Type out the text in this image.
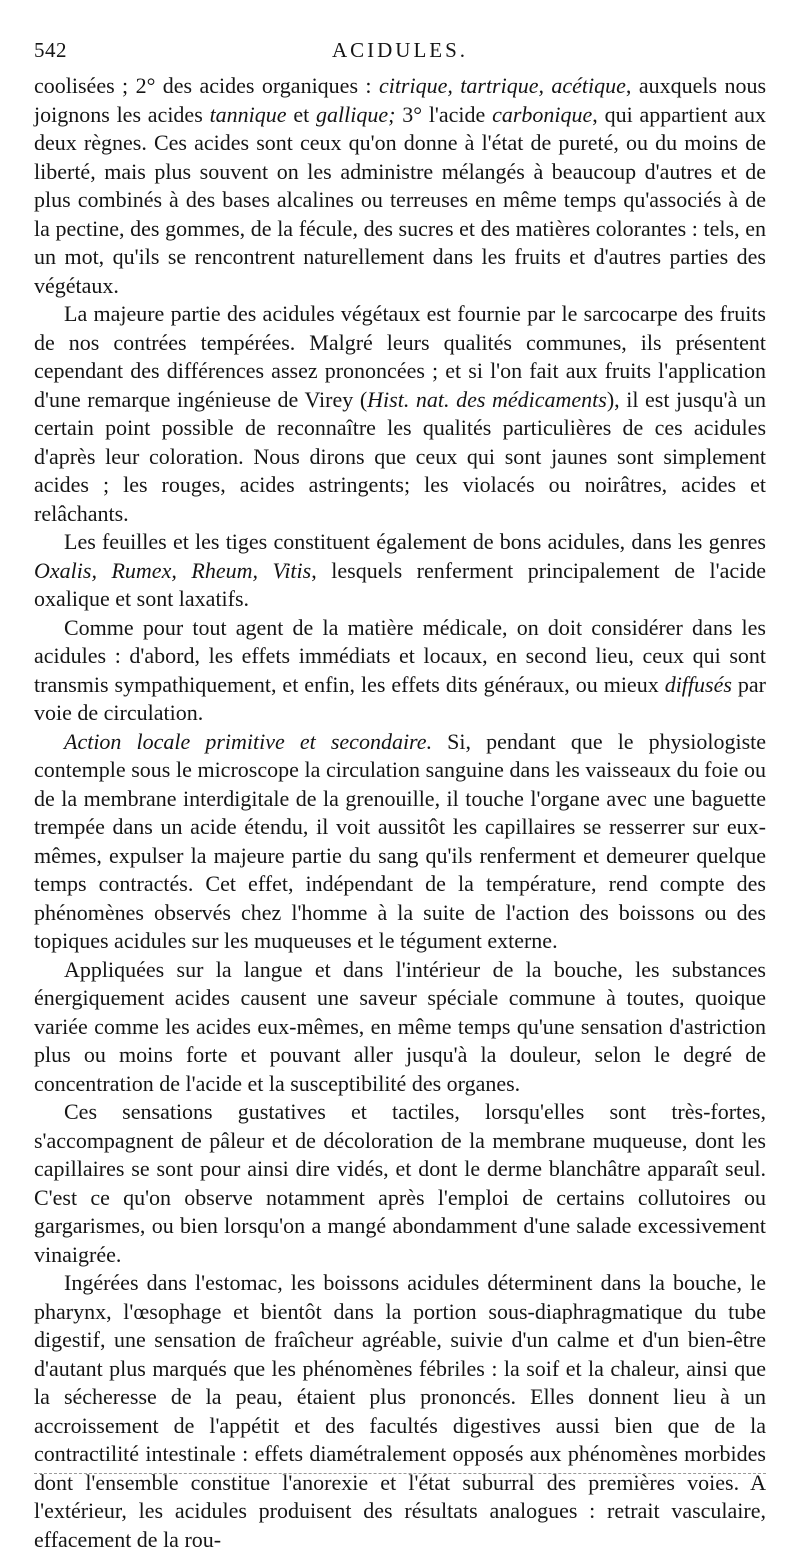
542	ACIDULES.

coolisées ; 2° des acides organiques : citrique, tartrique, acétique, auxquels nous joignons les acides tannique et gallique; 3° l'acide carbonique, qui appartient aux deux règnes. Ces acides sont ceux qu'on donne à l'état de pureté, ou du moins de liberté, mais plus souvent on les administre mélangés à beaucoup d'autres et de plus combinés à des bases alcalines ou terreuses en même temps qu'associés à de la pectine, des gommes, de la fécule, des sucres et des matières colorantes : tels, en un mot, qu'ils se rencontrent naturellement dans les fruits et d'autres parties des végétaux.

La majeure partie des acidules végétaux est fournie par le sarcocarpe des fruits de nos contrées tempérées. Malgré leurs qualités communes, ils présentent cependant des différences assez prononcées ; et si l'on fait aux fruits l'application d'une remarque ingénieuse de Virey (Hist. nat. des médicaments), il est jusqu'à un certain point possible de reconnaître les qualités particulières de ces acidules d'après leur coloration. Nous dirons que ceux qui sont jaunes sont simplement acides ; les rouges, acides astringents; les violacés ou noirâtres, acides et relâchants.

Les feuilles et les tiges constituent également de bons acidules, dans les genres Oxalis, Rumex, Rheum, Vitis, lesquels renferment principalement de l'acide oxalique et sont laxatifs.

Comme pour tout agent de la matière médicale, on doit considérer dans les acidules : d'abord, les effets immédiats et locaux, en second lieu, ceux qui sont transmis sympathiquement, et enfin, les effets dits généraux, ou mieux diffusés par voie de circulation.

Action locale primitive et secondaire. Si, pendant que le physiologiste contemple sous le microscope la circulation sanguine dans les vaisseaux du foie ou de la membrane interdigitale de la grenouille, il touche l'organe avec une baguette trempée dans un acide étendu, il voit aussitôt les capillaires se resserrer sur eux-mêmes, expulser la majeure partie du sang qu'ils renferment et demeurer quelque temps contractés. Cet effet, indépendant de la température, rend compte des phénomènes observés chez l'homme à la suite de l'action des boissons ou des topiques acidules sur les muqueuses et le tégument externe.

Appliquées sur la langue et dans l'intérieur de la bouche, les substances énergiquement acides causent une saveur spéciale commune à toutes, quoique variée comme les acides eux-mêmes, en même temps qu'une sensation d'astriction plus ou moins forte et pouvant aller jusqu'à la douleur, selon le degré de concentration de l'acide et la susceptibilité des organes.

Ces sensations gustatives et tactiles, lorsqu'elles sont très-fortes, s'accompagnent de pâleur et de décoloration de la membrane muqueuse, dont les capillaires se sont pour ainsi dire vidés, et dont le derme blanchâtre apparaît seul. C'est ce qu'on observe notamment après l'emploi de certains collutoires ou gargarismes, ou bien lorsqu'on a mangé abondamment d'une salade excessivement vinaigrée.

Ingérées dans l'estomac, les boissons acidules déterminent dans la bouche, le pharynx, l'œsophage et bientôt dans la portion sous-diaphragmatique du tube digestif, une sensation de fraîcheur agréable, suivie d'un calme et d'un bien-être d'autant plus marqués que les phénomènes fébriles : la soif et la chaleur, ainsi que la sécheresse de la peau, étaient plus prononcés. Elles donnent lieu à un accroissement de l'appétit et des facultés digestives aussi bien que de la contractilité intestinale : effets diamétralement opposés aux phénomènes morbides dont l'ensemble constitue l'anorexie et l'état suburral des premières voies. A l'extérieur, les acidules produisent des résultats analogues : retrait vasculaire, effacement de la rou-
